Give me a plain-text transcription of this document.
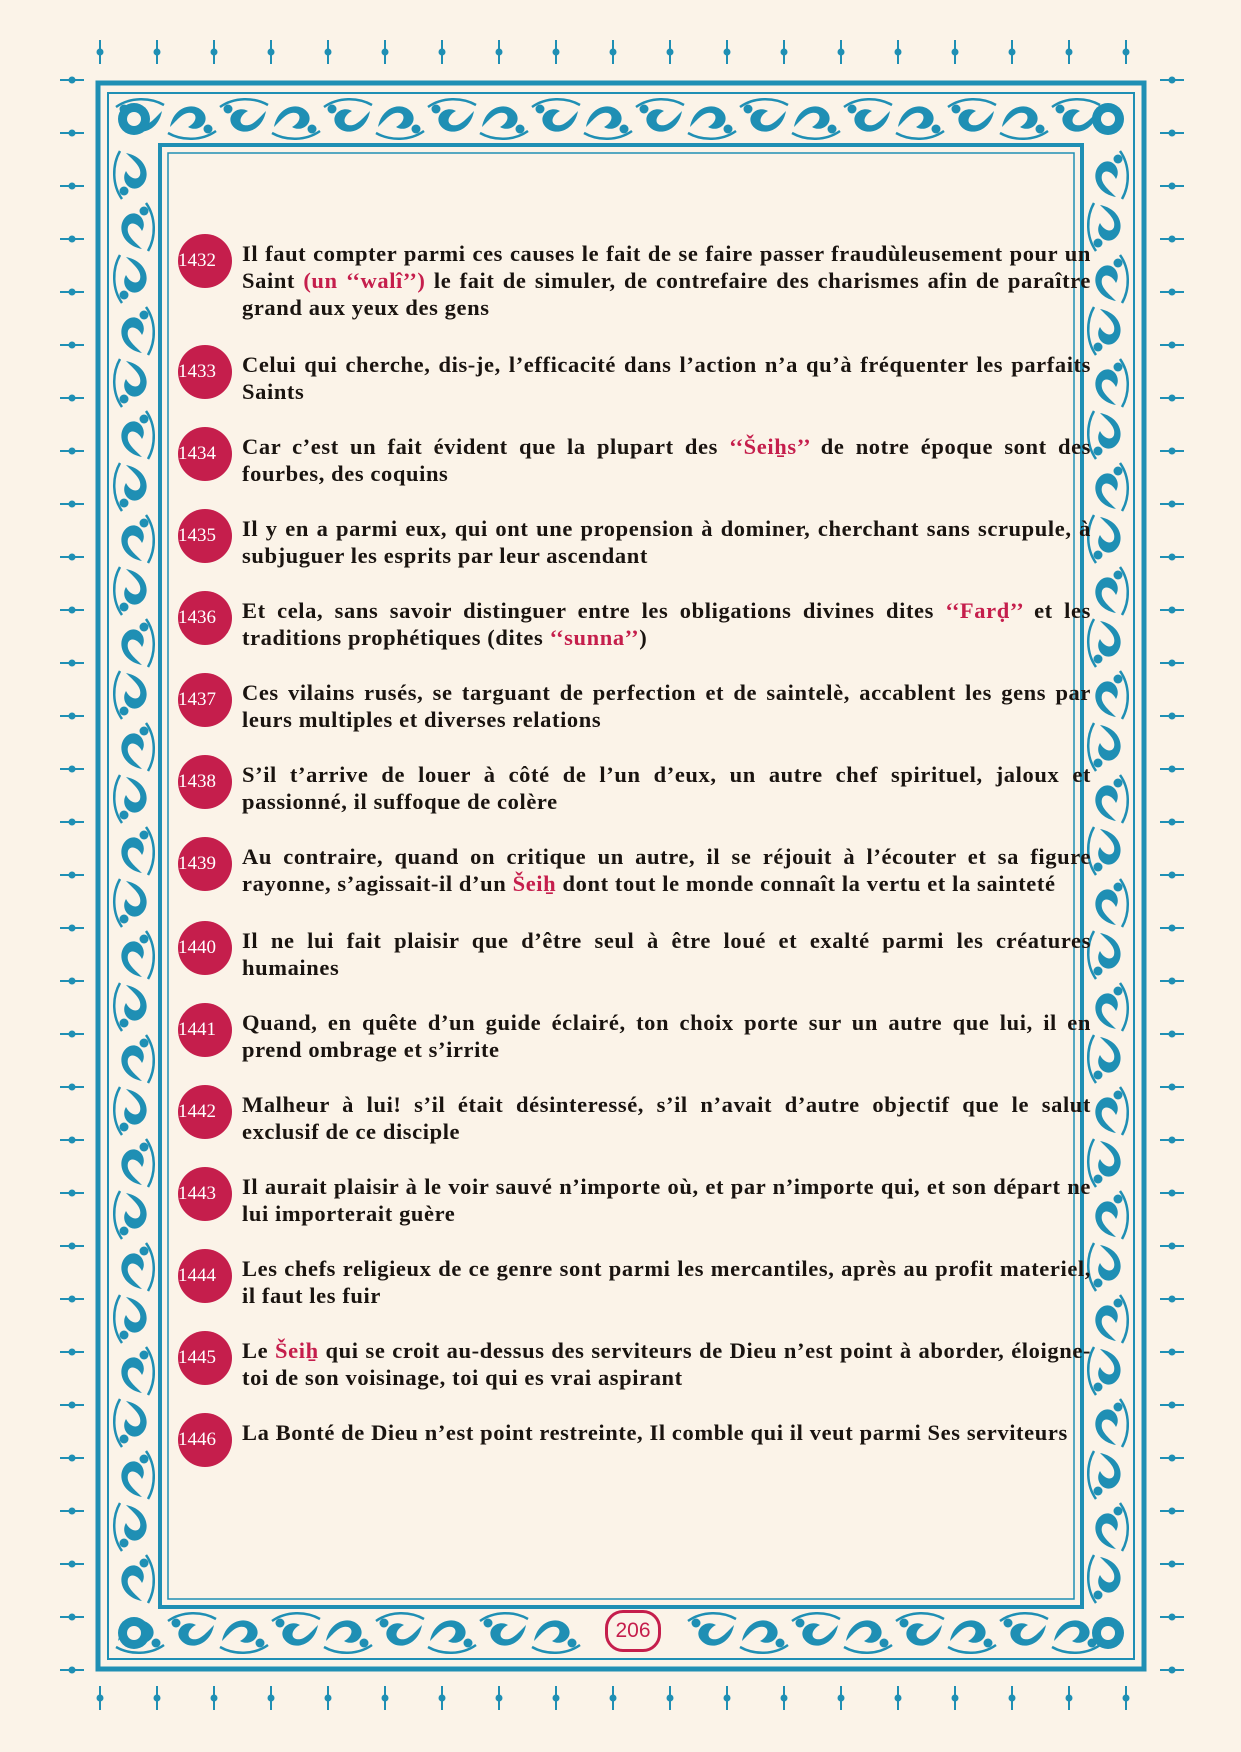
1432	Il faut compter parmi ces causes le fait de se faire passer fraudùleusement pour un Saint (un ‘‘walî’’) le fait de simuler, de contrefaire des charismes afin de paraître grand aux yeux des gens
1433	Celui qui cherche, dis-je, l’efficacité dans l’action n’a qu’à fréquenter les parfaits Saints
1434	Car c’est un fait évident que la plupart des ‘‘Šeiẖs’’ de notre époque sont des fourbes, des coquins
1435	Il y en a parmi eux, qui ont une propension à dominer, cherchant sans scrupule, à subjuguer les esprits par leur ascendant
1436	Et cela, sans savoir distinguer entre les obligations divines dites ‘‘Farḍ’’ et les traditions prophétiques (dites ‘‘sunna’’)
1437	Ces vilains rusés, se targuant de perfection et de saintelè, accablent les gens par leurs multiples et diverses relations
1438	S’il t’arrive de louer à côté de l’un d’eux, un autre chef spirituel, jaloux et passionné, il suffoque de colère
1439	Au contraire, quand on critique un autre, il se réjouit à l’écouter et sa figure rayonne, s’agissait-il d’un Šeiẖ dont tout le monde connaît la vertu et la sainteté
1440	Il ne lui fait plaisir que d’être seul à être loué et exalté parmi les créatures humaines
1441	Quand, en quête d’un guide éclairé, ton choix porte sur un autre que lui, il en prend ombrage et s’irrite
1442	Malheur à lui! s’il était désinteressé, s’il n’avait d’autre objectif que le salut exclusif de ce disciple
1443	Il aurait plaisir à le voir sauvé n’importe où, et par n’importe qui, et son départ ne lui importerait guère
1444	Les chefs religieux de ce genre sont parmi les mercantiles, après au profit materiel, il faut les fuir
1445	Le Šeiẖ qui se croit au-dessus des serviteurs de Dieu n’est point à aborder, éloigne-toi de son voisinage, toi qui es vrai aspirant
1446	La Bonté de Dieu n’est point restreinte, Il comble qui il veut parmi Ses serviteurs
206
